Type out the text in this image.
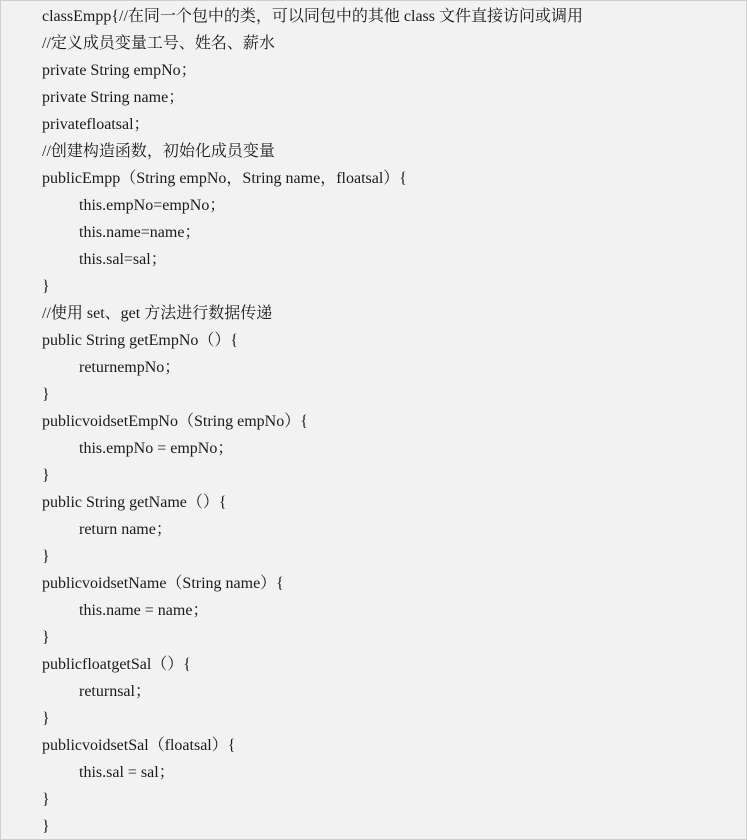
classEmpp{//在同一个包中的类，可以同包中的其他 class 文件直接访问或调用
//定义成员变量工号、姓名、薪水
private String empNo；
private String name；
privatefloatsal；
//创建构造函数，初始化成员变量
publicEmpp（String empNo，String name，floatsal）{
this.empNo=empNo；
this.name=name；
this.sal=sal；
}
//使用 set、get 方法进行数据传递
public String getEmpNo（）{
returnempNo；
}
publicvoidsetEmpNo（String empNo）{
this.empNo = empNo；
}
public String getName（）{
return name；
}
publicvoidsetName（String name）{
this.name = name；
}
publicfloatgetSal（）{
returnsal；
}
publicvoidsetSal（floatsal）{
this.sal = sal；
}
}
